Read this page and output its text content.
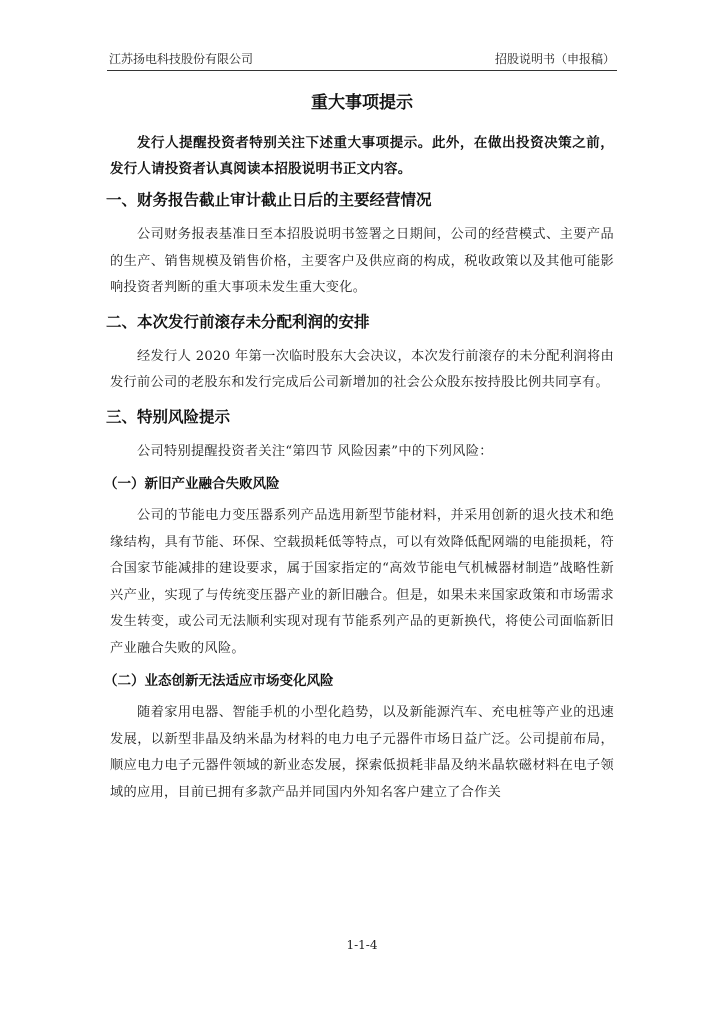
江苏扬电科技股份有限公司	招股说明书（申报稿）
重大事项提示

发行人提醒投资者特别关注下述重大事项提示。此外，在做出投资决策之前，发行人请投资者认真阅读本招股说明书正文内容。

一、财务报告截止审计截止日后的主要经营情况

公司财务报表基准日至本招股说明书签署之日期间，公司的经营模式、主要产品的生产、销售规模及销售价格，主要客户及供应商的构成，税收政策以及其他可能影响投资者判断的重大事项未发生重大变化。

二、本次发行前滚存未分配利润的安排

经发行人 2020 年第一次临时股东大会决议，本次发行前滚存的未分配利润将由发行前公司的老股东和发行完成后公司新增加的社会公众股东按持股比例共同享有。

三、特别风险提示

公司特别提醒投资者关注“第四节 风险因素”中的下列风险：

（一）新旧产业融合失败风险

公司的节能电力变压器系列产品选用新型节能材料，并采用创新的退火技术和绝缘结构，具有节能、环保、空载损耗低等特点，可以有效降低配网端的电能损耗，符合国家节能减排的建设要求，属于国家指定的“高效节能电气机械器材制造”战略性新兴产业，实现了与传统变压器产业的新旧融合。但是，如果未来国家政策和市场需求发生转变，或公司无法顺利实现对现有节能系列产品的更新换代，将使公司面临新旧产业融合失败的风险。

（二）业态创新无法适应市场变化风险

随着家用电器、智能手机的小型化趋势，以及新能源汽车、充电桩等产业的迅速发展，以新型非晶及纳米晶为材料的电力电子元器件市场日益广泛。公司提前布局，顺应电力电子元器件领域的新业态发展，探索低损耗非晶及纳米晶软磁材料在电子领域的应用，目前已拥有多款产品并同国内外知名客户建立了合作关

1-1-4
